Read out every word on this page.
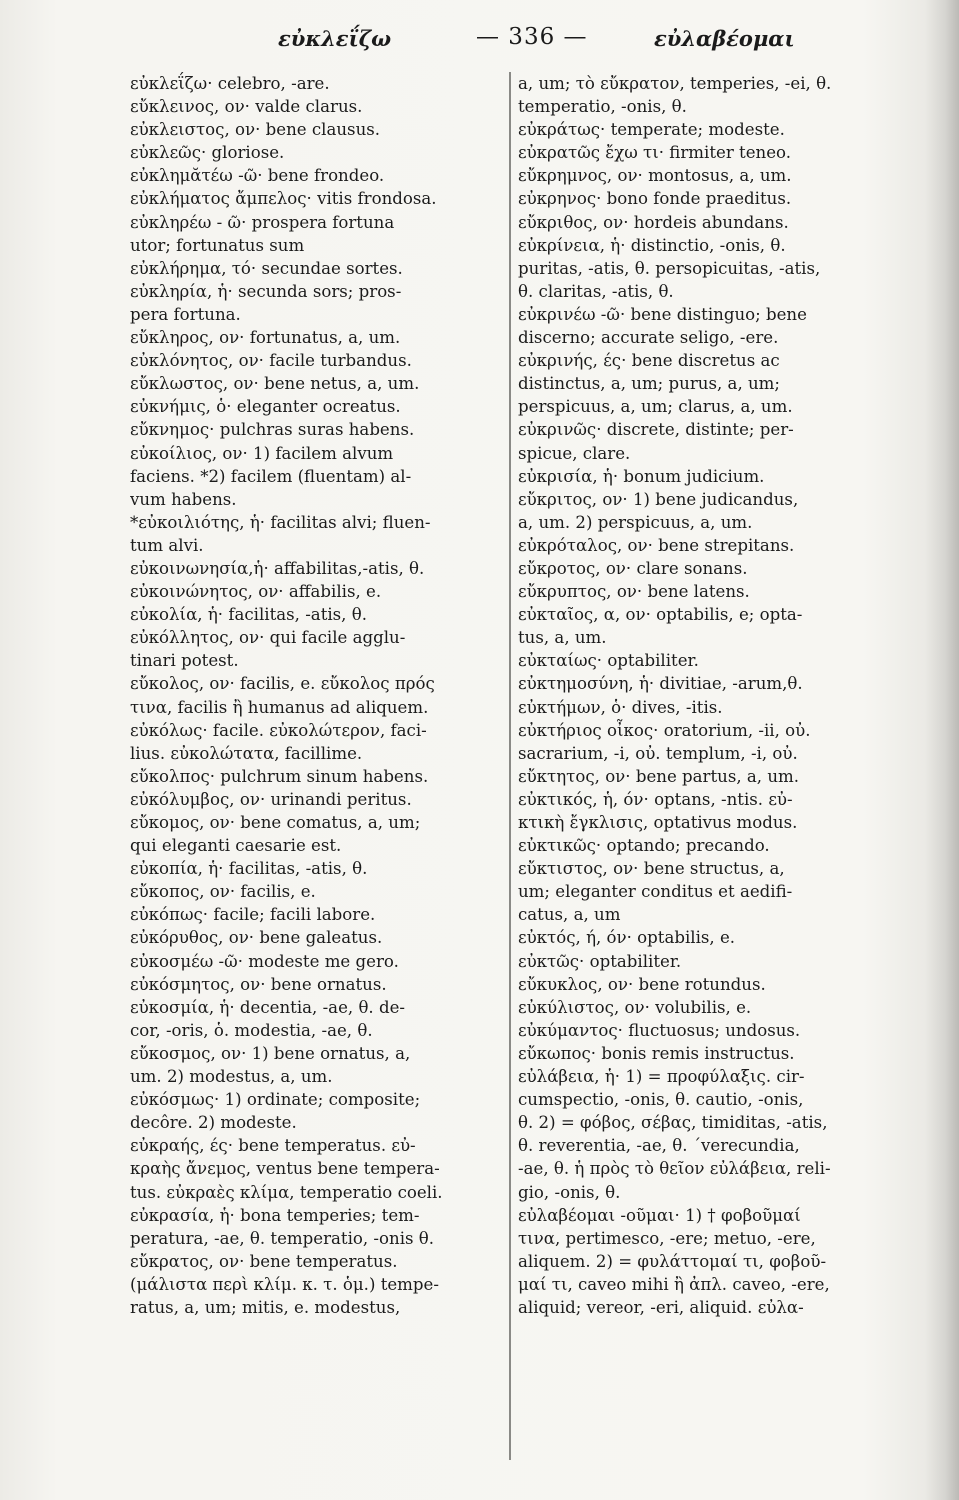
εὐκλεΐζω	— 336 —	εὐλαβέομαι
εὐκλεΐζω· celebro, -are.
εὔκλεινος, ον· valde clarus.
εὐκλειστος, ον· bene clausus.
εὐκλεῶς· gloriose.
εὐκλημᾰτέω -ῶ· bene frondeo.
εὐκλήματος ἄμπελος· vitis frondosa.
εὐκληρέω - ῶ· prospera fortuna
utor; fortunatus sum
εὐκλήρημα, τό· secundae sortes.
εὐκληρία, ἡ· secunda sors; pros-
pera fortuna.
εὔκληρος, ον· fortunatus, a, um.
εὐκλόνητος, ον· facile turbandus.
εὔκλωστος, ον· bene netus, a, um.
εὐκνήμις, ὁ· eleganter ocreatus.
εὔκνημος· pulchras suras habens.
εὐκοίλιος, ον· 1) facilem alvum
faciens. *2) facilem (fluentam) al-
vum habens.
*εὐκοιλιότης, ἡ· facilitas alvi; fluen-
tum alvi.
εὐκοινωνησία,ἡ· affabilitas,-atis, θ.
εὐκοινώνητος, ον· affabilis, e.
εὐκολία, ἡ· facilitas, -atis, θ.
εὐκόλλητος, ον· qui facile agglu-
tinari potest.
εὔκολος, ον· facilis, e. εὔκολος πρός
τινα, facilis ἢ humanus ad aliquem.
εὐκόλως· facile. εὐκολώτερον, faci-
lius. εὐκολώτατα, facillime.
εὔκολπος· pulchrum sinum habens.
εὐκόλυμβος, ον· urinandi peritus.
εὔκομος, ον· bene comatus, a, um;
qui eleganti caesarie est.
εὐκοπία, ἡ· facilitas, -atis, θ.
εὔκοπος, ον· facilis, e.
εὐκόπως· facile; facili labore.
εὐκόρυθος, ον· bene galeatus.
εὐκοσμέω -ῶ· modeste me gero.
εὐκόσμητος, ον· bene ornatus.
εὐκοσμία, ἡ· decentia, -ae, θ. de-
cor, -oris, ὁ. modestia, -ae, θ.
εὔκοσμος, ον· 1) bene ornatus, a,
um. 2) modestus, a, um.
εὐκόσμως· 1) ordinate; composite;
decôre. 2) modeste.
εὐκραής, ές· bene temperatus. εὐ-
κραὴς ἄνεμος, ventus bene tempera-
tus. εὐκραὲς κλίμα, temperatio coeli.
εὐκρασία, ἡ· bona temperies; tem-
peratura, -ae, θ. temperatio, -onis θ.
εὔκρατος, ον· bene temperatus.
(μάλιστα περὶ κλίμ. κ. τ. ὁμ.) tempe-
ratus, a, um; mitis, e. modestus,
a, um; τὸ εὔκρατον, temperies, -ei, θ.
temperatio, -onis, θ.
εὐκράτως· temperate; modeste.
εὐκρατῶς ἔχω τι· firmiter teneo.
εὔκρημνος, ον· montosus, a, um.
εὐκρηνος· bono fonde praeditus.
εὔκριθος, ον· hordeis abundans.
εὐκρίνεια, ἡ· distinctio, -onis, θ.
puritas, -atis, θ. persopicuitas, -atis,
θ. claritas, -atis, θ.
εὐκρινέω -ῶ· bene distinguo; bene
discerno; accurate seligo, -ere.
εὐκρινής, ές· bene discretus ac
distinctus, a, um; purus, a, um;
perspicuus, a, um; clarus, a, um.
εὐκρινῶς· discrete, distinte; per-
spicue, clare.
εὐκρισία, ἡ· bonum judicium.
εὔκριτος, ον· 1) bene judicandus,
a, um. 2) perspicuus, a, um.
εὐκρόταλος, ον· bene strepitans.
εὔκροτος, ον· clare sonans.
εὔκρυπτος, ον· bene latens.
εὐκταῖος, α, ον· optabilis, e; opta-
tus, a, um.
εὐκταίως· optabiliter.
εὐκτημοσύνη, ἡ· divitiae, -arum,θ.
εὐκτήμων, ὁ· dives, -itis.
εὐκτήριος οἶκος· oratorium, -ii, οὐ.
sacrarium, -i, οὐ. templum, -i, οὐ.
εὔκτητος, ον· bene partus, a, um.
εὐκτικός, ἡ, όν· optans, -ntis. εὐ-
κτικὴ ἔγκλισις, optativus modus.
εὐκτικῶς· optando; precando.
εὔκτιστος, ον· bene structus, a,
um; eleganter conditus et aedifi-
catus, a, um
εὐκτός, ή, όν· optabilis, e.
εὐκτῶς· optabiliter.
εὔκυκλος, ον· bene rotundus.
εὐκύλιστος, ον· volubilis, e.
εὐκύμαντος· fluctuosus; undosus.
εὔκωπος· bonis remis instructus.
εὐλάβεια, ἡ· 1) = προφύλαξις. cir-
cumspectio, -onis, θ. cautio, -onis,
θ. 2) = φόβος, σέβας, timiditas, -atis,
θ. reverentia, -ae, θ. ´verecundia,
-ae, θ. ἡ πρὸς τὸ θεῖον εὐλάβεια, reli-
gio, -onis, θ.
εὐλαβέομαι -οῦμαι· 1) † φοβοῦμαί
τινα, pertimesco, -ere; metuo, -ere,
aliquem. 2) = φυλάττομαί τι, φοβοῦ-
μαί τι, caveo mihi ἢ ἀπλ. caveo, -ere,
aliquid; vereor, -eri, aliquid. εὐλα-
